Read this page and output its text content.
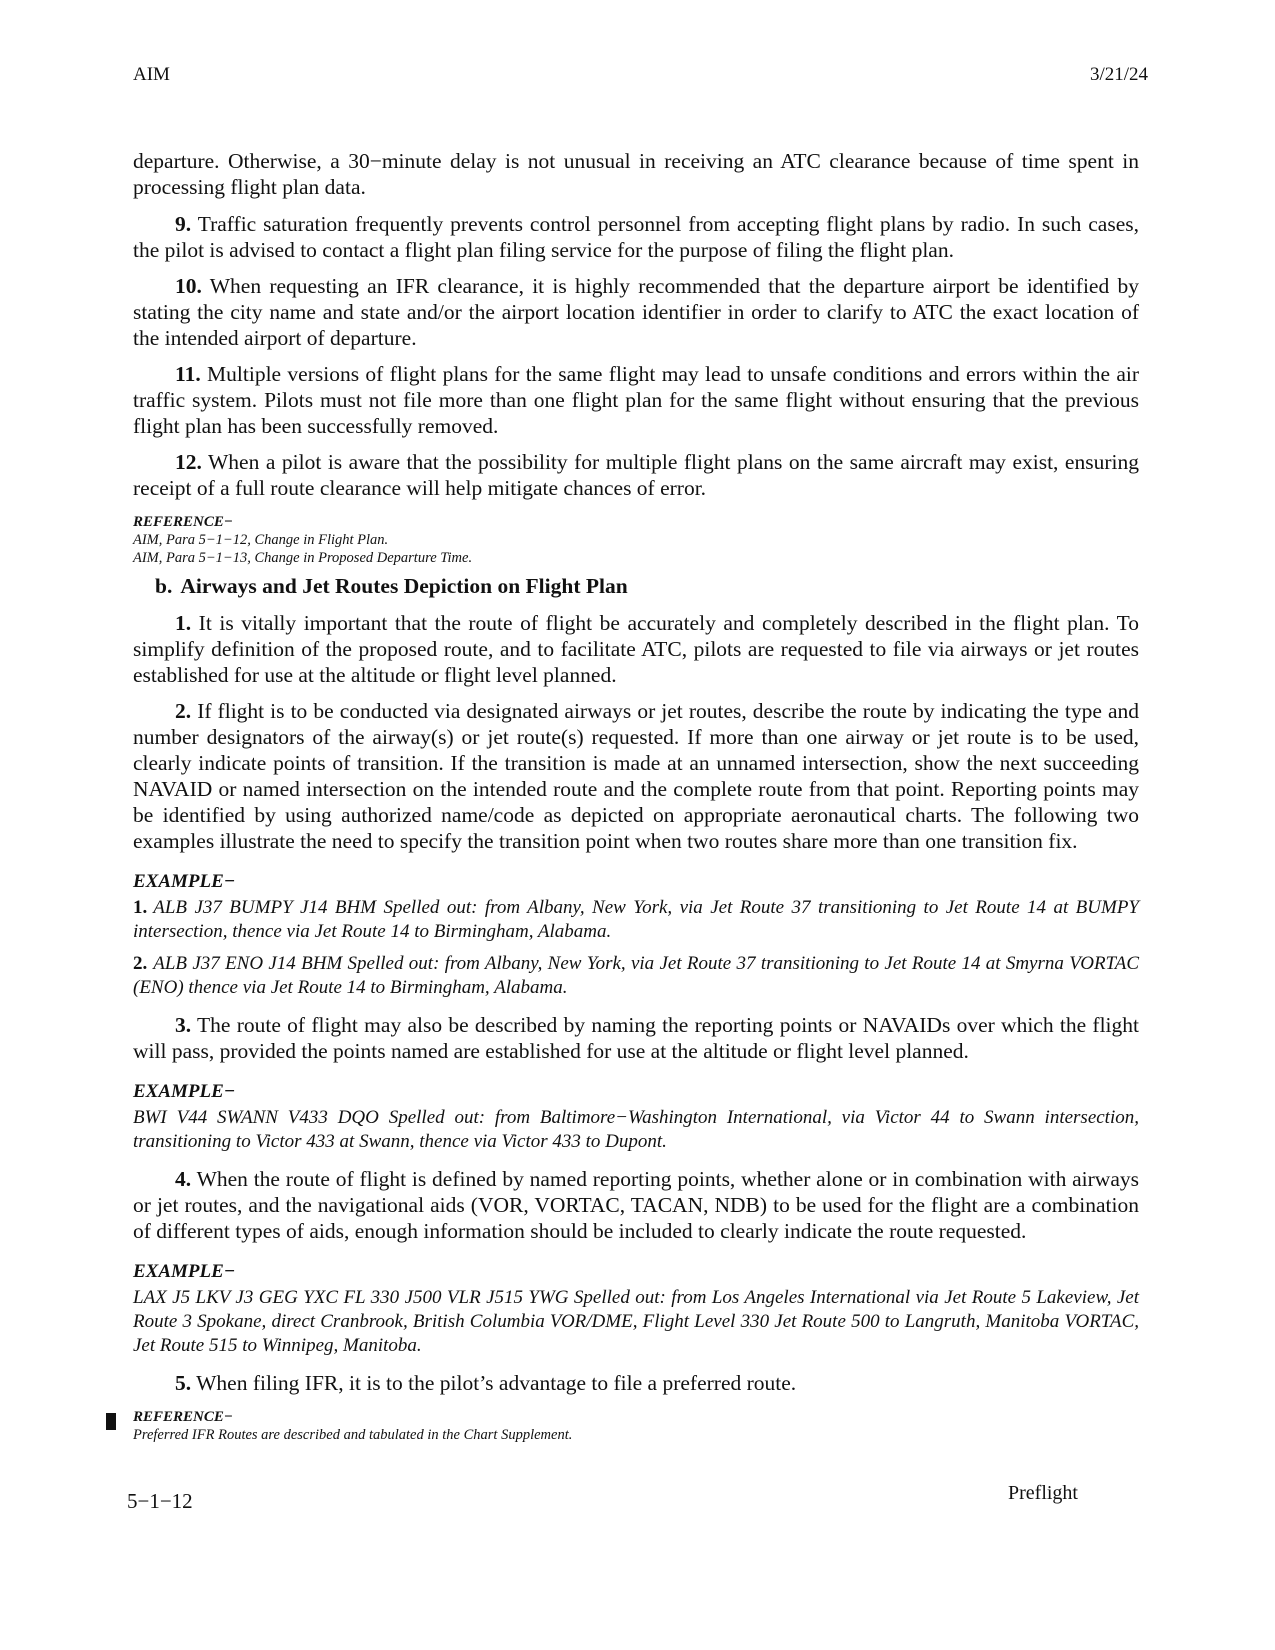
AIM	3/21/24

departure. Otherwise, a 30−minute delay is not unusual in receiving an ATC clearance because of time spent in processing flight plan data.

9. Traffic saturation frequently prevents control personnel from accepting flight plans by radio. In such cases, the pilot is advised to contact a flight plan filing service for the purpose of filing the flight plan.

10. When requesting an IFR clearance, it is highly recommended that the departure airport be identified by stating the city name and state and/or the airport location identifier in order to clarify to ATC the exact location of the intended airport of departure.

11. Multiple versions of flight plans for the same flight may lead to unsafe conditions and errors within the air traffic system. Pilots must not file more than one flight plan for the same flight without ensuring that the previous flight plan has been successfully removed.

12. When a pilot is aware that the possibility for multiple flight plans on the same aircraft may exist, ensuring receipt of a full route clearance will help mitigate chances of error.

REFERENCE−
AIM, Para 5−1−12, Change in Flight Plan.
AIM, Para 5−1−13, Change in Proposed Departure Time.
b. Airways and Jet Routes Depiction on Flight Plan

1. It is vitally important that the route of flight be accurately and completely described in the flight plan. To simplify definition of the proposed route, and to facilitate ATC, pilots are requested to file via airways or jet routes established for use at the altitude or flight level planned.

2. If flight is to be conducted via designated airways or jet routes, describe the route by indicating the type and number designators of the airway(s) or jet route(s) requested. If more than one airway or jet route is to be used, clearly indicate points of transition. If the transition is made at an unnamed intersection, show the next succeeding NAVAID or named intersection on the intended route and the complete route from that point. Reporting points may be identified by using authorized name/code as depicted on appropriate aeronautical charts. The following two examples illustrate the need to specify the transition point when two routes share more than one transition fix.

EXAMPLE−

1. ALB J37 BUMPY J14 BHM Spelled out: from Albany, New York, via Jet Route 37 transitioning to Jet Route 14 at BUMPY intersection, thence via Jet Route 14 to Birmingham, Alabama.

2. ALB J37 ENO J14 BHM Spelled out: from Albany, New York, via Jet Route 37 transitioning to Jet Route 14 at Smyrna VORTAC (ENO) thence via Jet Route 14 to Birmingham, Alabama.

3. The route of flight may also be described by naming the reporting points or NAVAIDs over which the flight will pass, provided the points named are established for use at the altitude or flight level planned.

EXAMPLE−

BWI V44 SWANN V433 DQO Spelled out: from Baltimore−Washington International, via Victor 44 to Swann intersection, transitioning to Victor 433 at Swann, thence via Victor 433 to Dupont.

4. When the route of flight is defined by named reporting points, whether alone or in combination with airways or jet routes, and the navigational aids (VOR, VORTAC, TACAN, NDB) to be used for the flight are a combination of different types of aids, enough information should be included to clearly indicate the route requested.

EXAMPLE−

LAX J5 LKV J3 GEG YXC FL 330 J500 VLR J515 YWG Spelled out: from Los Angeles International via Jet Route 5 Lakeview, Jet Route 3 Spokane, direct Cranbrook, British Columbia VOR/DME, Flight Level 330 Jet Route 500 to Langruth, Manitoba VORTAC, Jet Route 515 to Winnipeg, Manitoba.

5. When filing IFR, it is to the pilot’s advantage to file a preferred route.

REFERENCE−
Preferred IFR Routes are described and tabulated in the Chart Supplement.
5−1−12	Preflight
